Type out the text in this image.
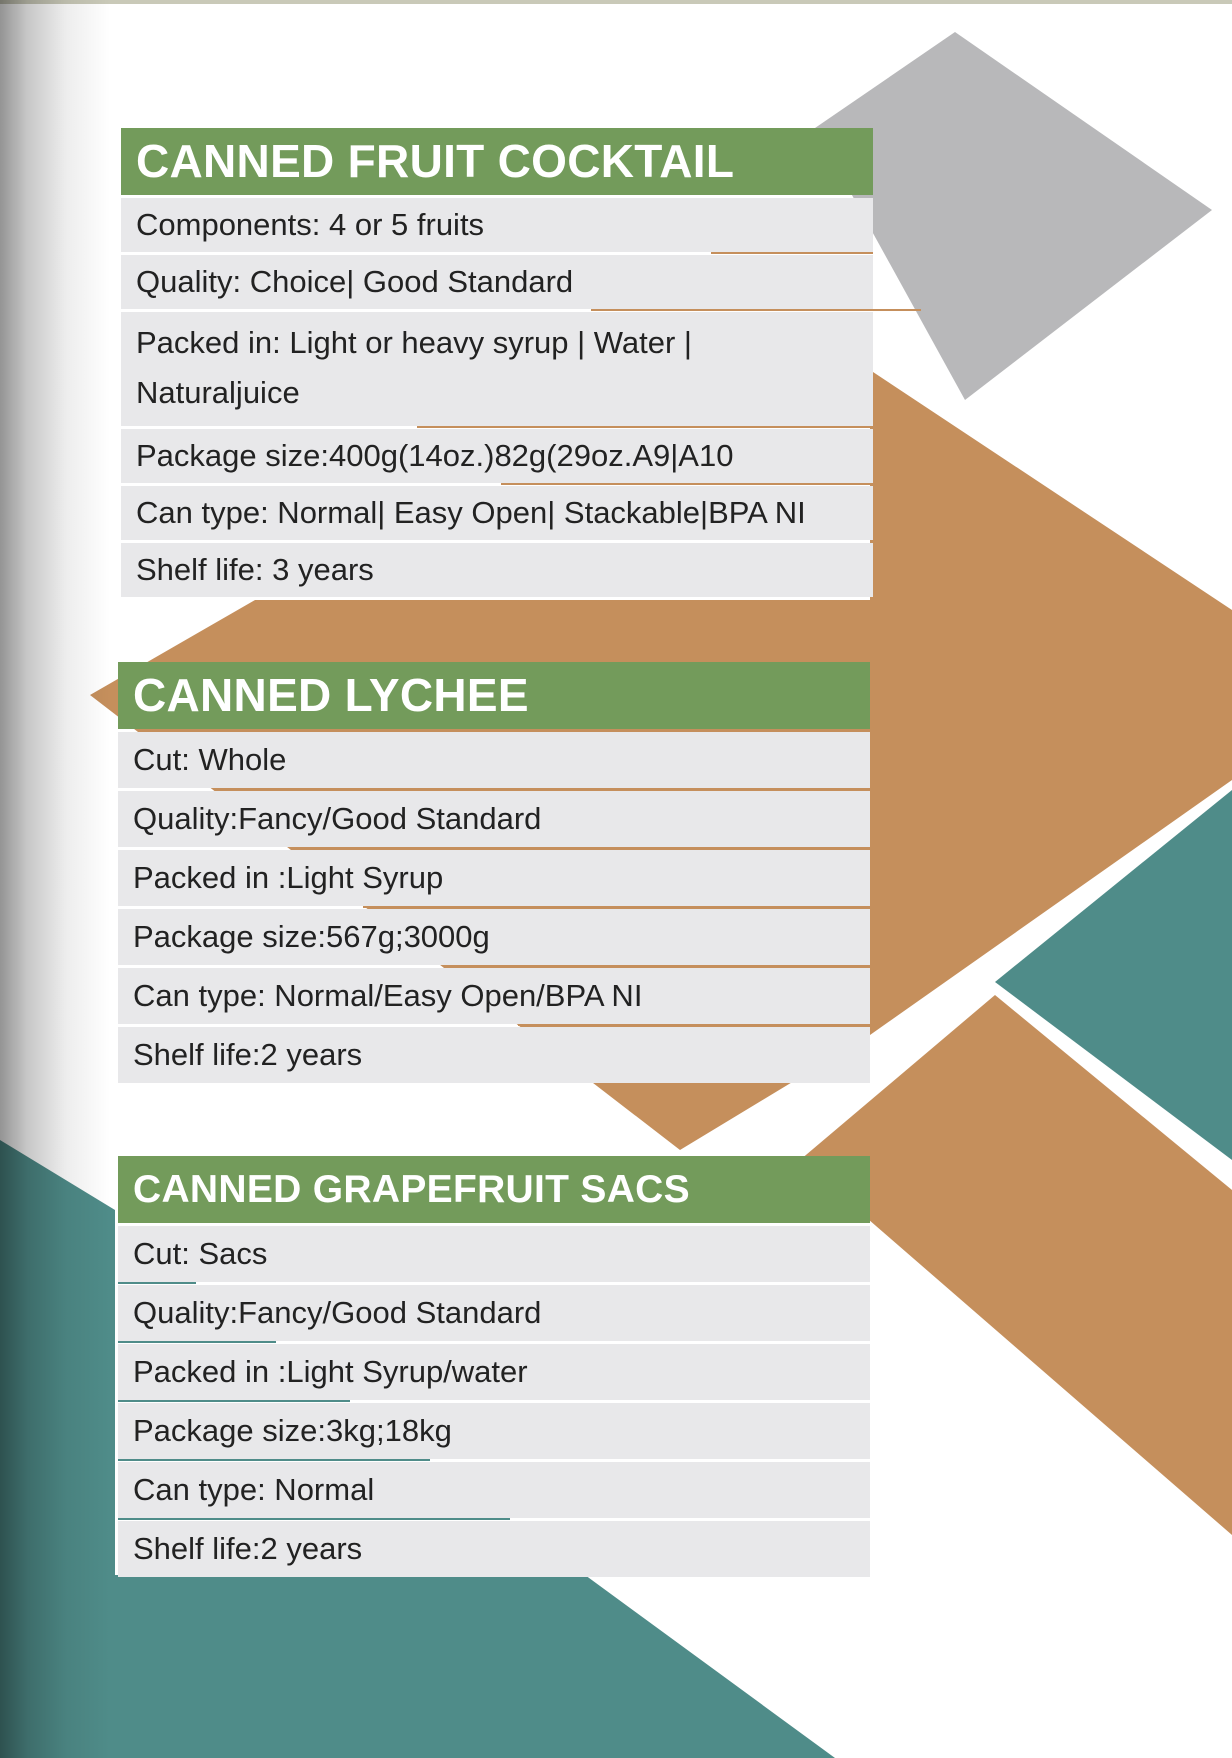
CANNED FRUIT COCKTAIL
Components: 4 or 5 fruits
Quality: Choice| Good Standard
Packed in: Light or heavy syrup | Water | Naturaljuice
Package size:400g(14oz.)82g(29oz.A9|A10
Can type: Normal| Easy Open| Stackable|BPA NI
Shelf life: 3 years
CANNED LYCHEE
Cut: Whole
Quality:Fancy/Good Standard
Packed in :Light Syrup
Package size:567g;3000g
Can type: Normal/Easy Open/BPA NI
Shelf life:2 years
CANNED GRAPEFRUIT SACS
Cut: Sacs
Quality:Fancy/Good Standard
Packed in :Light Syrup/water
Package size:3kg;18kg
Can type: Normal
Shelf life:2 years
